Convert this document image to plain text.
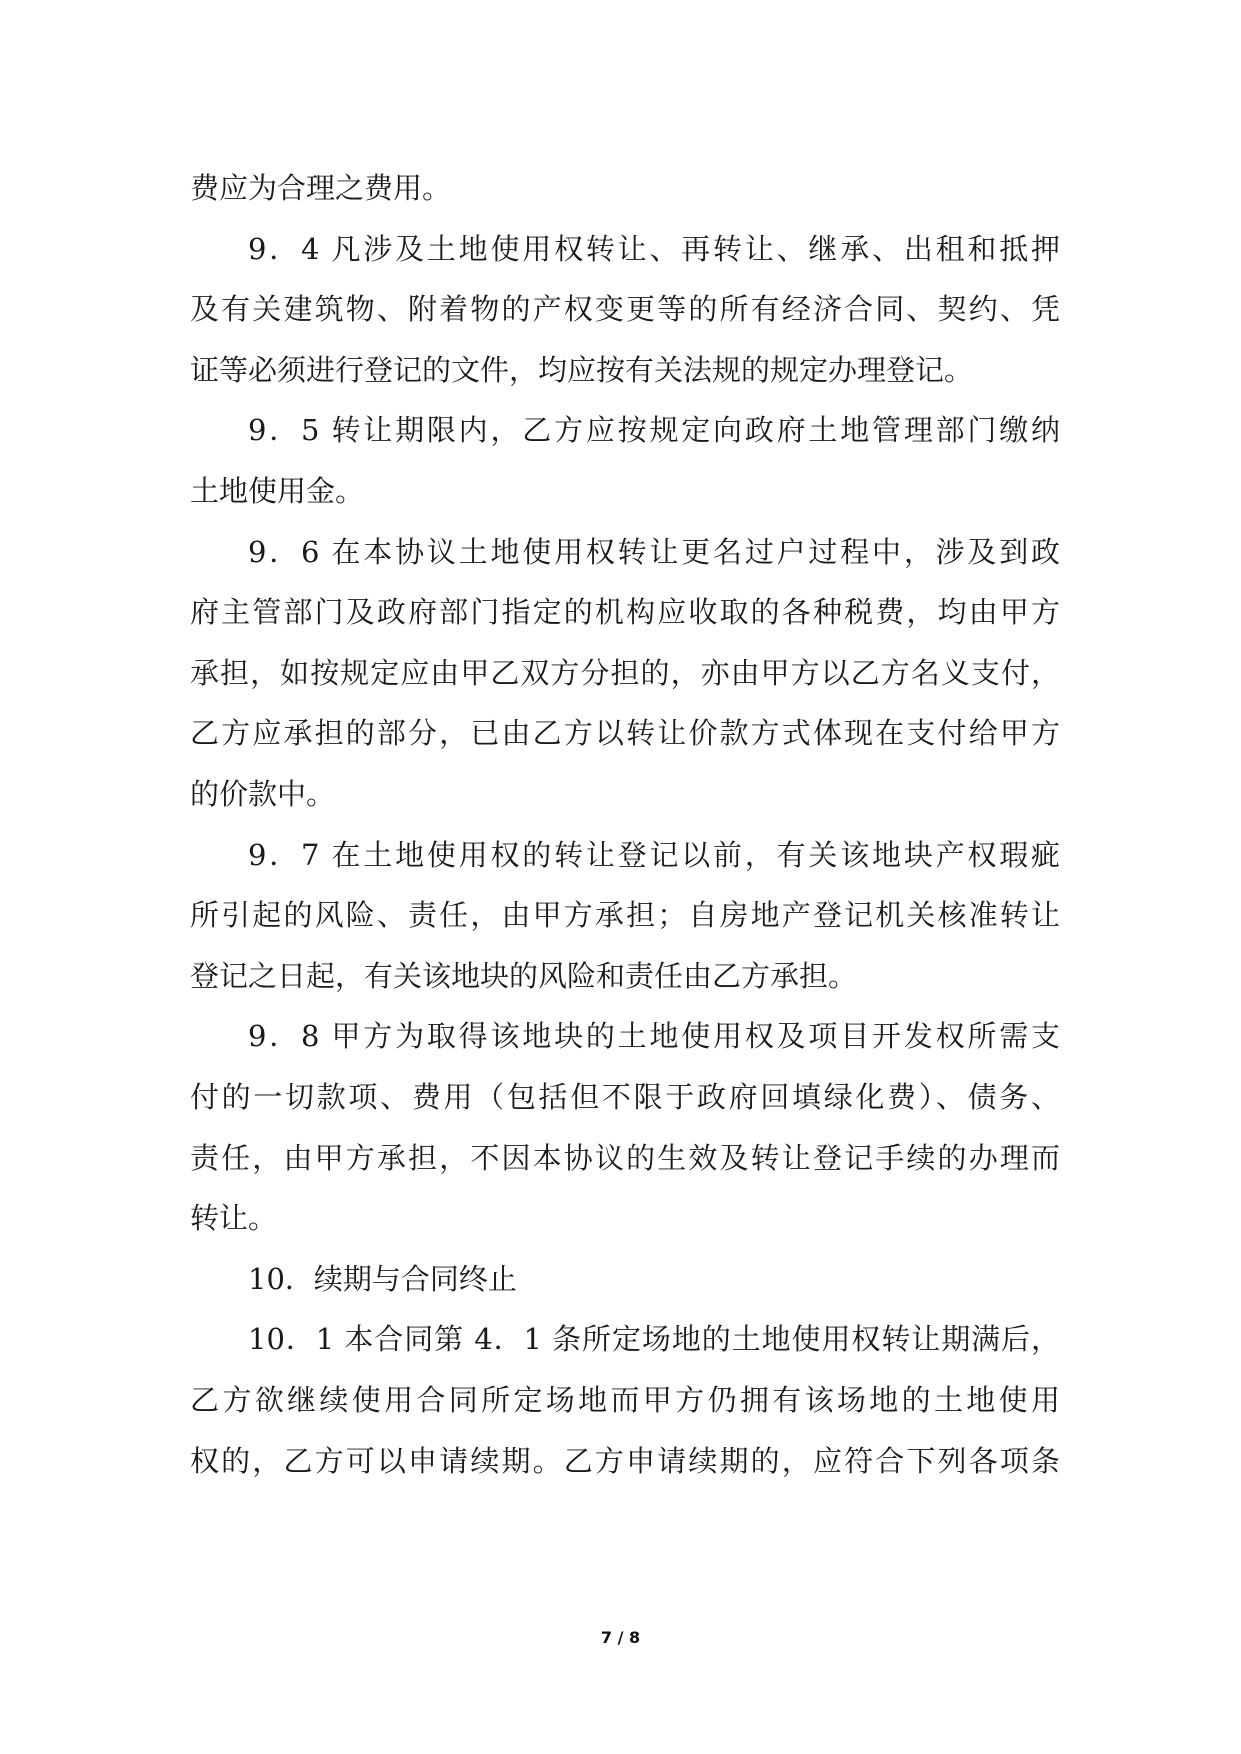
费应为合理之费用。
9．4 凡涉及土地使用权转让、再转让、继承、出租和抵押
及有关建筑物、附着物的产权变更等的所有经济合同、契约、凭
证等必须进行登记的文件，均应按有关法规的规定办理登记。
9．5 转让期限内，乙方应按规定向政府土地管理部门缴纳
土地使用金。
9．6 在本协议土地使用权转让更名过户过程中，涉及到政
府主管部门及政府部门指定的机构应收取的各种税费，均由甲方
承担，如按规定应由甲乙双方分担的，亦由甲方以乙方名义支付，
乙方应承担的部分，已由乙方以转让价款方式体现在支付给甲方
的价款中。
9．7 在土地使用权的转让登记以前，有关该地块产权瑕疵
所引起的风险、责任，由甲方承担；自房地产登记机关核准转让
登记之日起，有关该地块的风险和责任由乙方承担。
9．8 甲方为取得该地块的土地使用权及项目开发权所需支
付的一切款项、费用（包括但不限于政府回填绿化费）、债务、
责任，由甲方承担，不因本协议的生效及转让登记手续的办理而
转让。
10．续期与合同终止
10．1 本合同第 4．1 条所定场地的土地使用权转让期满后，
乙方欲继续使用合同所定场地而甲方仍拥有该场地的土地使用
权的，乙方可以申请续期。乙方申请续期的，应符合下列各项条
7 / 8
